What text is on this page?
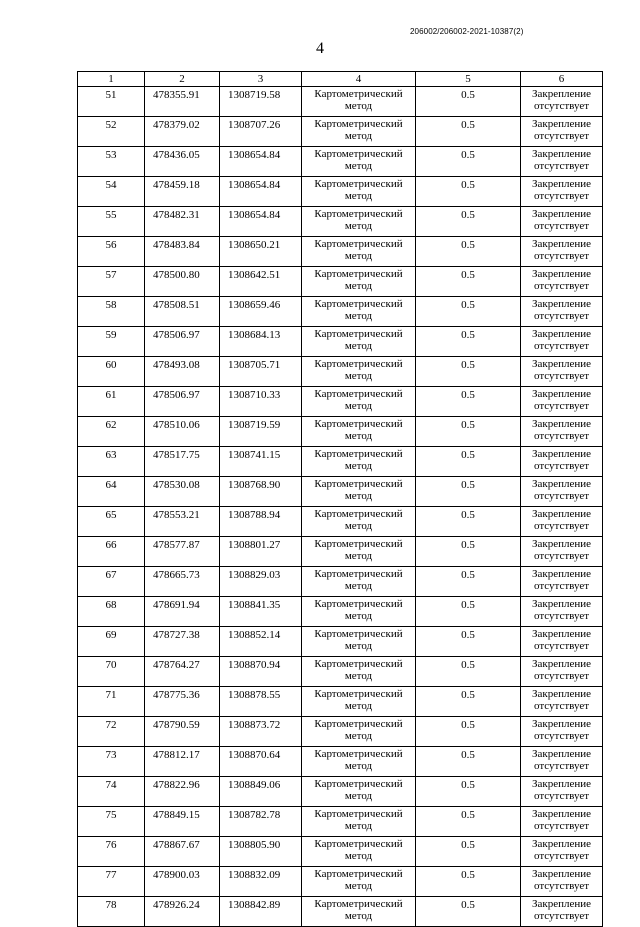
206002/206002-2021-10387(2)
4
1	2	3	4	5	6
51	478355.91	1308719.58	Картометрический метод	0.5	Закрепление отсутствует
52	478379.02	1308707.26	Картометрический метод	0.5	Закрепление отсутствует
53	478436.05	1308654.84	Картометрический метод	0.5	Закрепление отсутствует
54	478459.18	1308654.84	Картометрический метод	0.5	Закрепление отсутствует
55	478482.31	1308654.84	Картометрический метод	0.5	Закрепление отсутствует
56	478483.84	1308650.21	Картометрический метод	0.5	Закрепление отсутствует
57	478500.80	1308642.51	Картометрический метод	0.5	Закрепление отсутствует
58	478508.51	1308659.46	Картометрический метод	0.5	Закрепление отсутствует
59	478506.97	1308684.13	Картометрический метод	0.5	Закрепление отсутствует
60	478493.08	1308705.71	Картометрический метод	0.5	Закрепление отсутствует
61	478506.97	1308710.33	Картометрический метод	0.5	Закрепление отсутствует
62	478510.06	1308719.59	Картометрический метод	0.5	Закрепление отсутствует
63	478517.75	1308741.15	Картометрический метод	0.5	Закрепление отсутствует
64	478530.08	1308768.90	Картометрический метод	0.5	Закрепление отсутствует
65	478553.21	1308788.94	Картометрический метод	0.5	Закрепление отсутствует
66	478577.87	1308801.27	Картометрический метод	0.5	Закрепление отсутствует
67	478665.73	1308829.03	Картометрический метод	0.5	Закрепление отсутствует
68	478691.94	1308841.35	Картометрический метод	0.5	Закрепление отсутствует
69	478727.38	1308852.14	Картометрический метод	0.5	Закрепление отсутствует
70	478764.27	1308870.94	Картометрический метод	0.5	Закрепление отсутствует
71	478775.36	1308878.55	Картометрический метод	0.5	Закрепление отсутствует
72	478790.59	1308873.72	Картометрический метод	0.5	Закрепление отсутствует
73	478812.17	1308870.64	Картометрический метод	0.5	Закрепление отсутствует
74	478822.96	1308849.06	Картометрический метод	0.5	Закрепление отсутствует
75	478849.15	1308782.78	Картометрический метод	0.5	Закрепление отсутствует
76	478867.67	1308805.90	Картометрический метод	0.5	Закрепление отсутствует
77	478900.03	1308832.09	Картометрический метод	0.5	Закрепление отсутствует
78	478926.24	1308842.89	Картометрический метод	0.5	Закрепление отсутствует
